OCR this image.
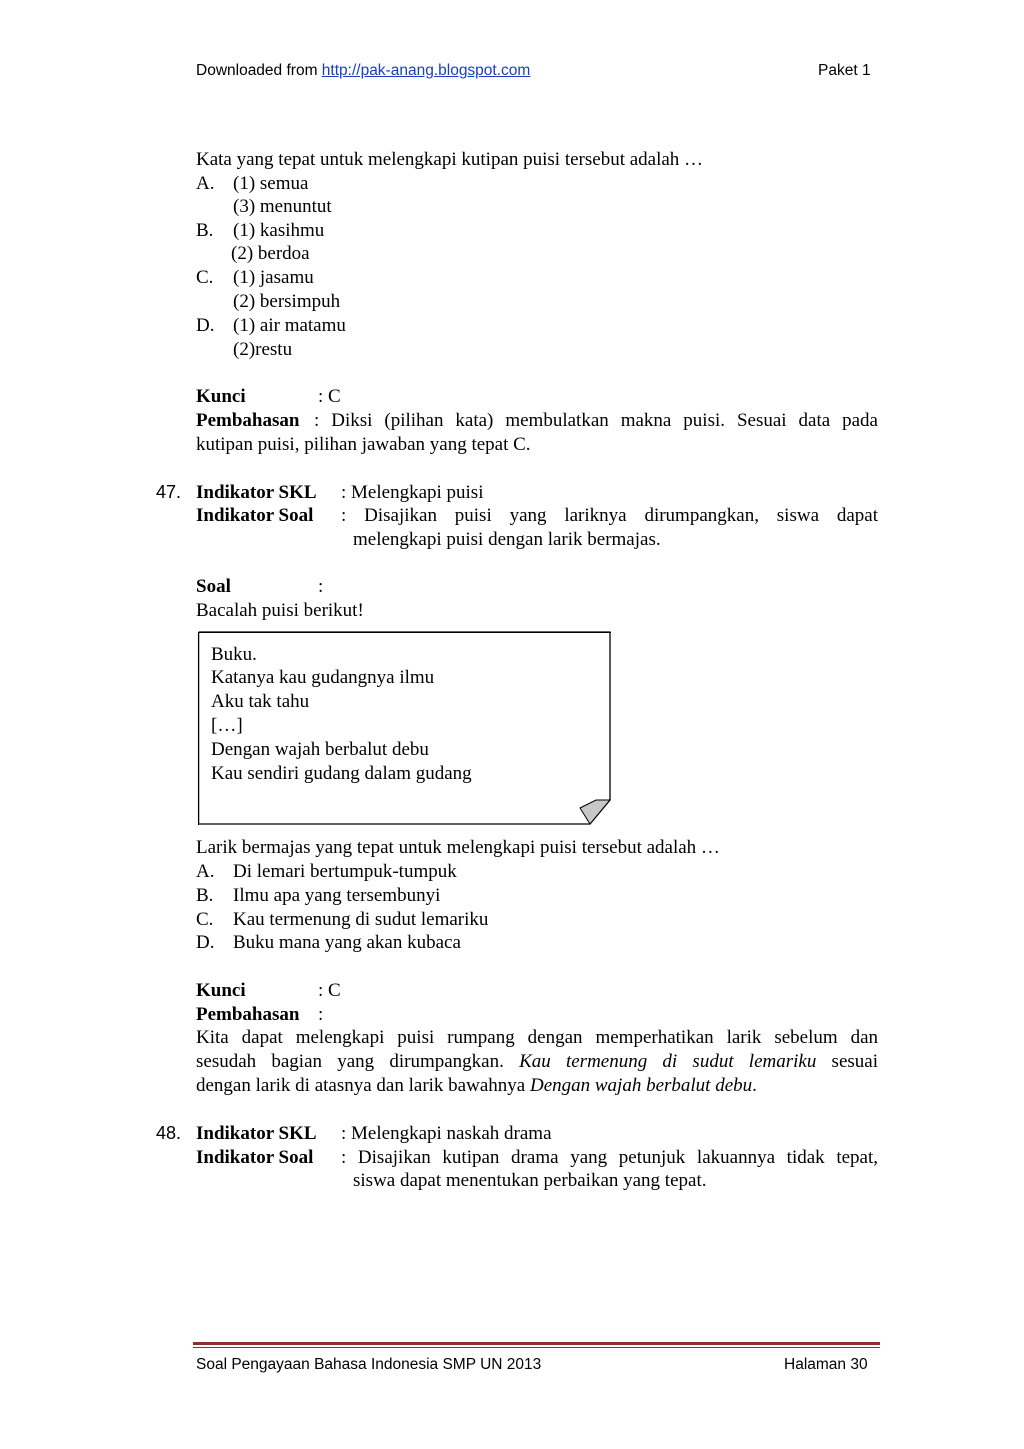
Downloaded from http://pak-anang.blogspot.com	Paket 1
Kata yang tepat untuk melengkapi kutipan puisi tersebut adalah …
A. (1) semua
(3) menuntut
B. (1) kasihmu
(2) berdoa
C. (1) jasamu
(2) bersimpuh
D. (1) air matamu
(2)restu
Kunci	: C
Pembahasan : Diksi (pilihan kata) membulatkan makna puisi. Sesuai data pada
kutipan puisi, pilihan jawaban yang tepat C.
47. Indikator SKL : Melengkapi puisi
Indikator Soal : Disajikan puisi yang lariknya dirumpangkan, siswa dapat
melengkapi puisi dengan larik bermajas.
Soal	:
Bacalah puisi berikut!
Buku.
Katanya kau gudangnya ilmu
Aku tak tahu
[…]
Dengan wajah berbalut debu
Kau sendiri gudang dalam gudang
Larik bermajas yang tepat untuk melengkapi puisi tersebut adalah …
A. Di lemari bertumpuk-tumpuk
B. Ilmu apa yang tersembunyi
C. Kau termenung di sudut lemariku
D. Buku mana yang akan kubaca
Kunci	: C
Pembahasan :
Kita dapat melengkapi puisi rumpang dengan memperhatikan larik sebelum dan
sesudah bagian yang dirumpangkan. Kau termenung di sudut lemariku sesuai
dengan larik di atasnya dan larik bawahnya Dengan wajah berbalut debu.
48. Indikator SKL : Melengkapi naskah drama
Indikator Soal : Disajikan kutipan drama yang petunjuk lakuannya tidak tepat,
siswa dapat menentukan perbaikan yang tepat.
Soal Pengayaan Bahasa Indonesia SMP UN 2013	Halaman 30
